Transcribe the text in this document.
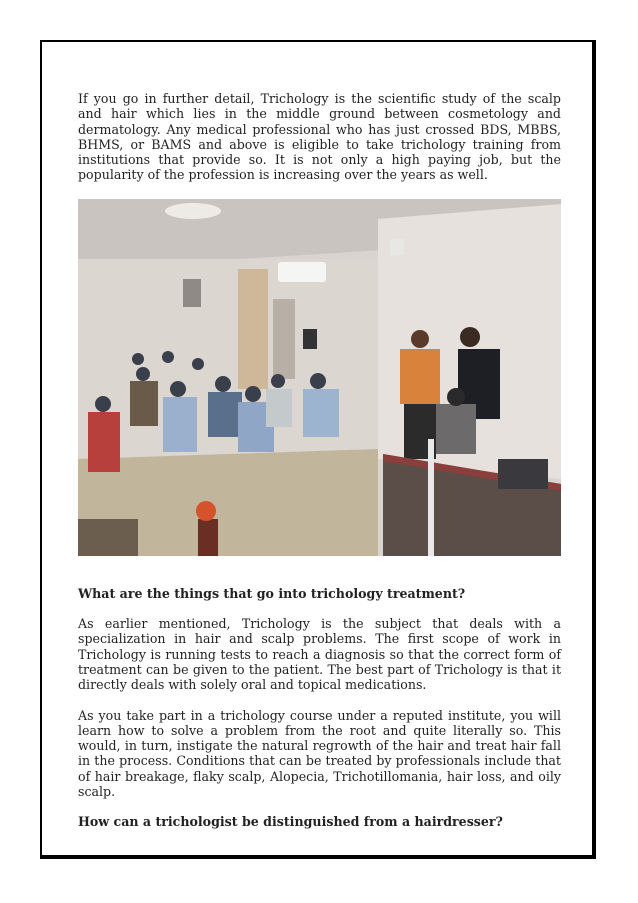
If you go in further detail, Trichology is the scientific study of the scalp and hair which lies in the middle ground between cosmetology and dermatology. Any medical professional who has just crossed BDS, MBBS, BHMS, or BAMS and above is eligible to take trichology training from institutions that provide so. It is not only a high paying job, but the popularity of the profession is increasing over the years as well.

What are the things that go into trichology treatment?

As earlier mentioned, Trichology is the subject that deals with a specialization in hair and scalp problems. The first scope of work in Trichology is running tests to reach a diagnosis so that the correct form of treatment can be given to the patient. The best part of Trichology is that it directly deals with solely oral and topical medications.

As you take part in a trichology course under a reputed institute, you will learn how to solve a problem from the root and quite literally so. This would, in turn, instigate the natural regrowth of the hair and treat hair fall in the process. Conditions that can be treated by professionals include that of hair breakage, flaky scalp, Alopecia, Trichotillomania, hair loss, and oily scalp.

How can a trichologist be distinguished from a hairdresser?
